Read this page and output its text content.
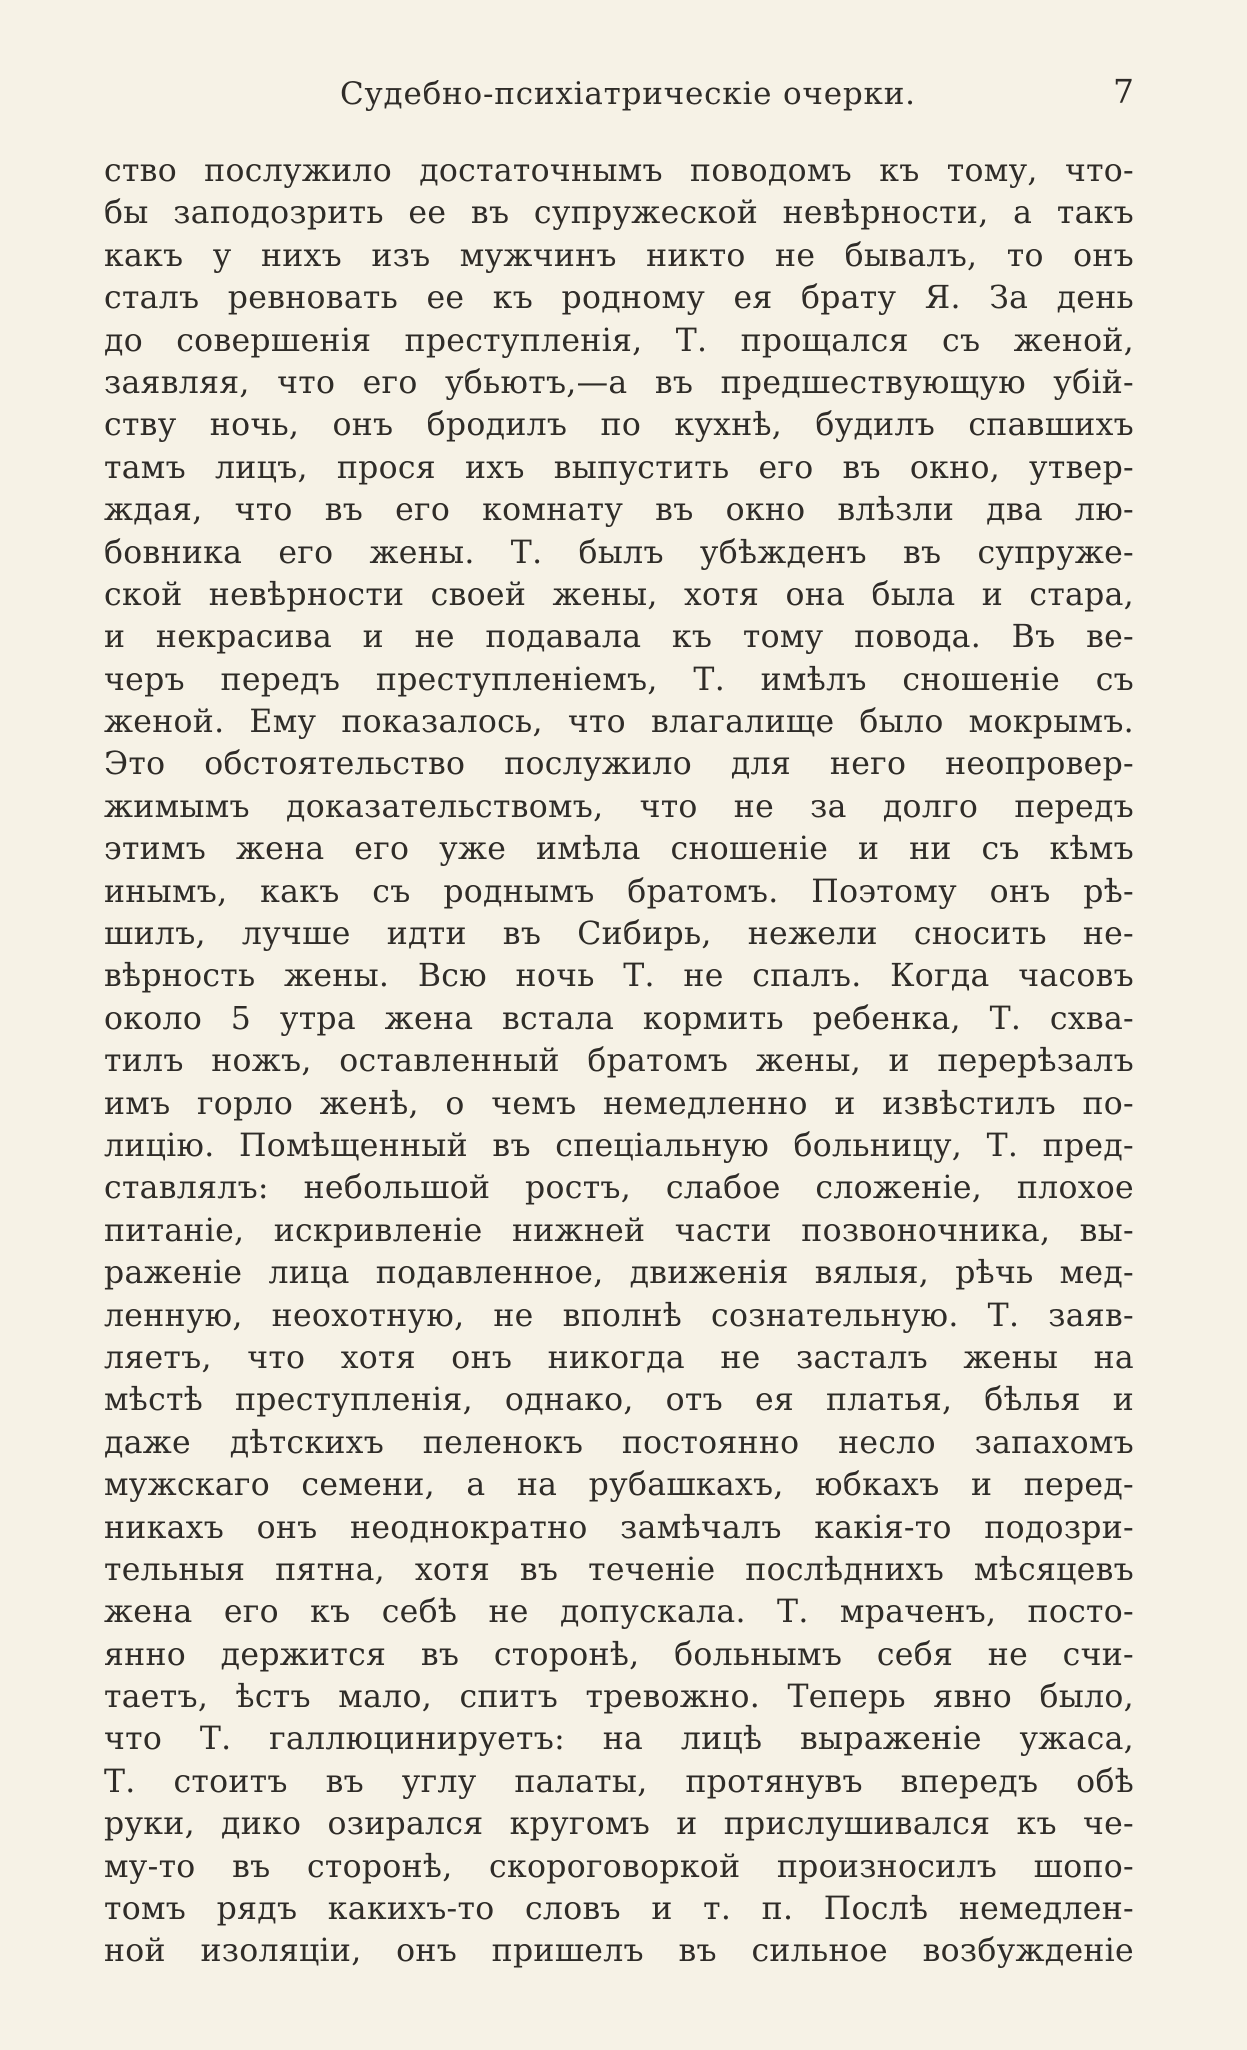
Судебно-психіатрическіе очерки.	7
ство послужило достаточнымъ поводомъ къ тому, что-
бы заподозрить ее въ супружеской невѣрности, а такъ
какъ у нихъ изъ мужчинъ никто не бывалъ, то онъ
сталъ ревновать ее къ родному ея брату Я. За день
до совершенія преступленія, Т. прощался съ женой,
заявляя, что его убьютъ,—а въ предшествующую убій-
ству ночь, онъ бродилъ по кухнѣ, будилъ спавшихъ
тамъ лицъ, прося ихъ выпустить его въ окно, утвер-
ждая, что въ его комнату въ окно влѣзли два лю-
бовника его жены. Т. былъ убѣжденъ въ супруже-
ской невѣрности своей жены, хотя она была и стара,
и некрасива и не подавала къ тому повода. Въ ве-
черъ передъ преступленіемъ, Т. имѣлъ сношеніе съ
женой. Ему показалось, что влагалище было мокрымъ.
Это обстоятельство послужило для него неопровер-
жимымъ доказательствомъ, что не за долго передъ
этимъ жена его уже имѣла сношеніе и ни съ кѣмъ
инымъ, какъ съ роднымъ братомъ. Поэтому онъ рѣ-
шилъ, лучше идти въ Сибирь, нежели сносить не-
вѣрность жены. Всю ночь Т. не спалъ. Когда часовъ
около 5 утра жена встала кормить ребенка, Т. схва-
тилъ ножъ, оставленный братомъ жены, и перерѣзалъ
имъ горло женѣ, о чемъ немедленно и извѣстилъ по-
лицію. Помѣщенный въ спеціальную больницу, Т. пред-
ставлялъ: небольшой ростъ, слабое сложеніе, плохое
питаніе, искривленіе нижней части позвоночника, вы-
раженіе лица подавленное, движенія вялыя, рѣчь мед-
ленную, неохотную, не вполнѣ сознательную. Т. заяв-
ляетъ, что хотя онъ никогда не засталъ жены на
мѣстѣ преступленія, однако, отъ ея платья, бѣлья и
даже дѣтскихъ пеленокъ постоянно несло запахомъ
мужскаго семени, а на рубашкахъ, юбкахъ и перед-
никахъ онъ неоднократно замѣчалъ какія-то подозри-
тельныя пятна, хотя въ теченіе послѣднихъ мѣсяцевъ
жена его къ себѣ не допускала. Т. мраченъ, посто-
янно держится въ сторонѣ, больнымъ себя не счи-
таетъ, ѣстъ мало, спитъ тревожно. Теперь явно было,
что Т. галлюцинируетъ: на лицѣ выраженіе ужаса,
Т. стоитъ въ углу палаты, протянувъ впередъ обѣ
руки, дико озирался кругомъ и прислушивался къ че-
му-то въ сторонѣ, скороговоркой произносилъ шопо-
томъ рядъ какихъ-то словъ и т. п. Послѣ немедлен-
ной изоляціи, онъ пришелъ въ сильное возбужденіе
